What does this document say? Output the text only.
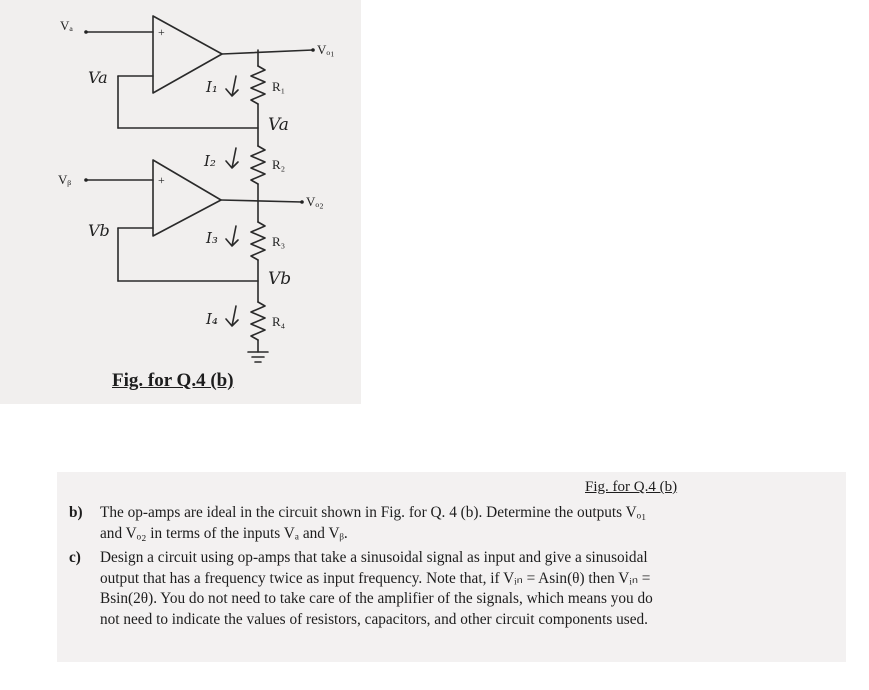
+
+
Vₐ
Vᵦ
Vₒ₁
Vₒ₂
R₁
R₂
R₃
R₄
Va
Vb
Va
Vb
I₁
I₂
I₃
I₄

Fig. for Q.4 (b)

Fig. for Q.4 (b)

b) The op-amps are ideal in the circuit shown in Fig. for Q. 4 (b). Determine the outputs Vₒ₁
and Vₒ₂ in terms of the inputs Vₐ and Vᵦ.
c) Design a circuit using op-amps that take a sinusoidal signal as input and give a sinusoidal
output that has a frequency twice as input frequency. Note that, if Vᵢₙ = Asin(θ) then Vᵢₙ =
Bsin(2θ). You do not need to take care of the amplifier of the signals, which means you do
not need to indicate the values of resistors, capacitors, and other circuit components used.
